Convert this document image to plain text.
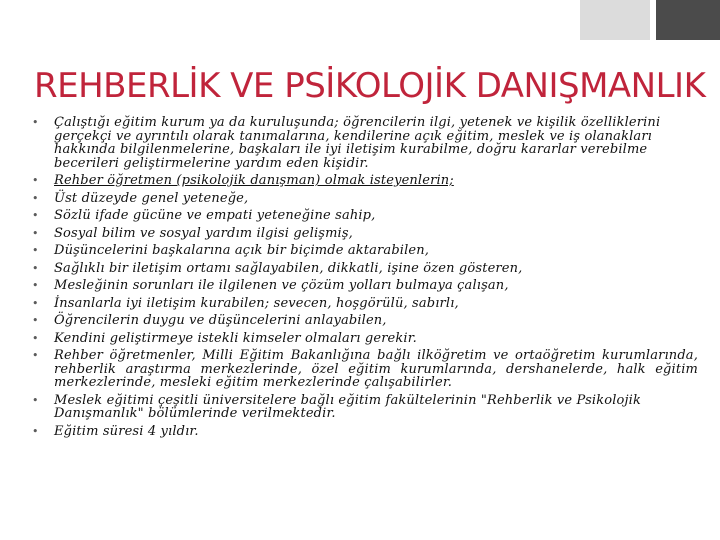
REHBERLİK VE PSİKOLOJİK DANIŞMANLIK
• Çalıştığı eğitim kurum ya da kuruluşunda; öğrencilerin ilgi, yetenek ve kişilik özelliklerini gerçekçi ve ayrıntılı olarak tanımalarına, kendilerine açık eğitim, meslek ve iş olanakları hakkında bilgilenmelerine, başkaları ile iyi iletişim kurabilme, doğru kararlar verebilme becerileri geliştirmelerine yardım eden kişidir.
• Rehber öğretmen (psikolojik danışman) olmak isteyenlerin;
• Üst düzeyde genel yeteneğe,
• Sözlü ifade gücüne ve empati yeteneğine sahip,
• Sosyal bilim ve sosyal yardım ilgisi gelişmiş,
• Düşüncelerini başkalarına açık bir biçimde aktarabilen,
• Sağlıklı bir iletişim ortamı sağlayabilen, dikkatli, işine özen gösteren,
• Mesleğinin sorunları ile ilgilenen ve çözüm yolları bulmaya çalışan,
• İnsanlarla iyi iletişim kurabilen; sevecen, hoşgörülü, sabırlı,
• Öğrencilerin duygu ve düşüncelerini anlayabilen,
• Kendini geliştirmeye istekli kimseler olmaları gerekir.
• Rehber öğretmenler, Milli Eğitim Bakanlığına bağlı ilköğretim ve ortaöğretim kurumlarında, rehberlik araştırma merkezlerinde, özel eğitim kurumlarında, dershanelerde, halk eğitim merkezlerinde, mesleki eğitim merkezlerinde çalışabilirler.
• Meslek eğitimi çeşitli üniversitelere bağlı eğitim fakültelerinin "Rehberlik ve Psikolojik Danışmanlık" bölümlerinde verilmektedir.
• Eğitim süresi 4 yıldır.
